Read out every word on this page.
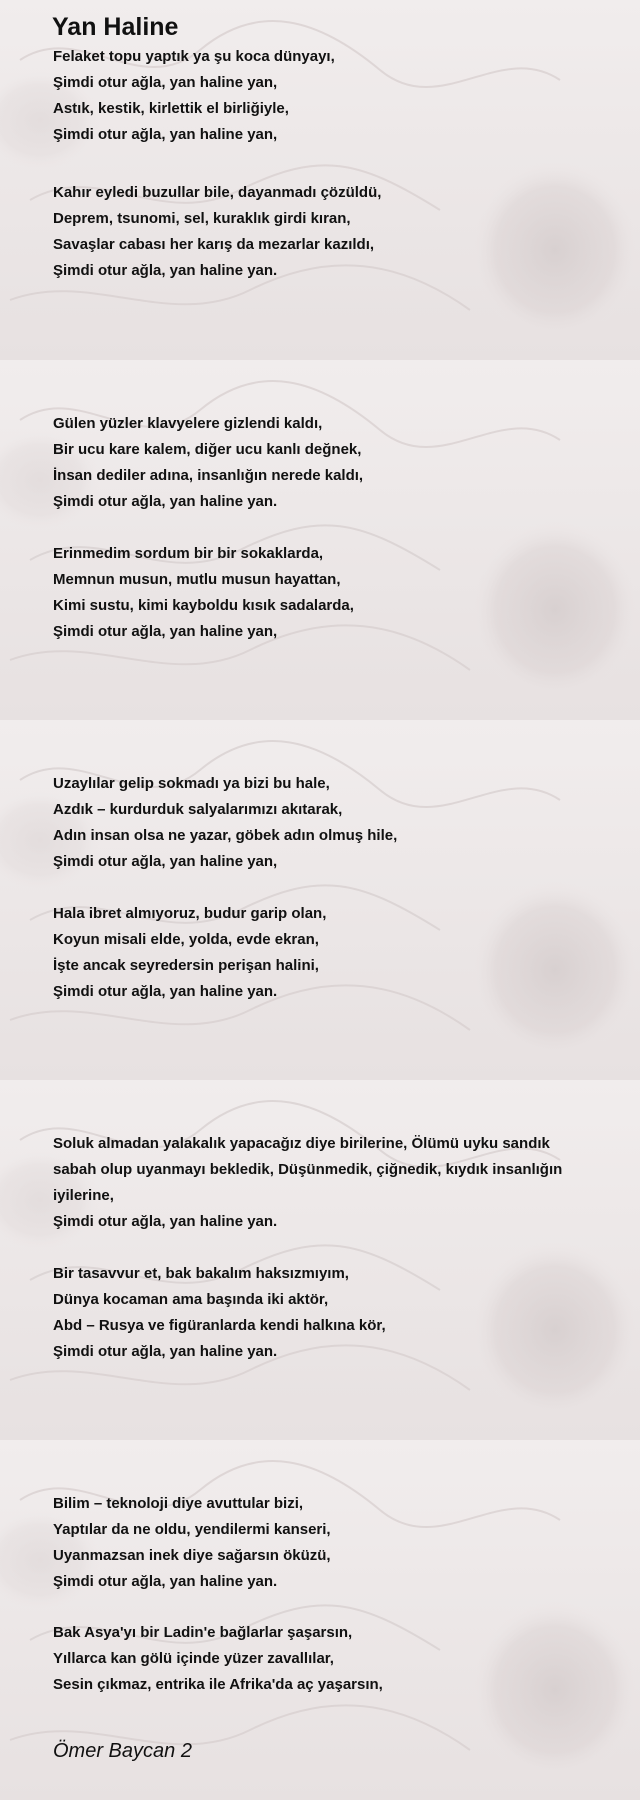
Yan Haline
Felaket topu yaptık ya şu koca dünyayı,
Şimdi otur ağla, yan haline yan,
Astık, kestik, kirlettik el birliğiyle,
Şimdi otur ağla, yan haline yan,
Kahır eyledi buzullar bile, dayanmadı çözüldü,
Deprem, tsunomi, sel, kuraklık girdi kıran,
Savaşlar cabası her karış da mezarlar kazıldı,
Şimdi otur ağla, yan haline yan.
Gülen yüzler klavyelere gizlendi kaldı,
Bir ucu kare kalem, diğer ucu kanlı değnek,
İnsan dediler adına, insanlığın nerede kaldı,
Şimdi otur ağla, yan haline yan.
Erinmedim sordum bir bir sokaklarda,
Memnun musun, mutlu musun hayattan,
Kimi sustu, kimi kayboldu kısık sadalarda,
Şimdi otur ağla, yan haline yan,
Uzaylılar gelip sokmadı ya bizi bu hale,
Azdık – kurdurduk salyalarımızı akıtarak,
Adın insan olsa ne yazar, göbek adın olmuş hile,
Şimdi otur ağla, yan haline yan,
Hala ibret almıyoruz, budur garip olan,
Koyun misali elde, yolda, evde ekran,
İşte ancak seyredersin perişan halini,
Şimdi otur ağla, yan haline yan.
Soluk almadan yalakalık yapacağız diye birilerine, Ölümü uyku sandık sabah olup uyanmayı bekledik, Düşünmedik, çiğnedik, kıydık insanlığın iyilerine,
Şimdi otur ağla, yan haline yan.
Bir tasavvur et, bak bakalım haksızmıyım,
Dünya kocaman ama başında iki aktör,
Abd – Rusya ve figüranlarda kendi halkına kör,
Şimdi otur ağla, yan haline yan.
Bilim – teknoloji diye avuttular bizi,
Yaptılar da ne oldu, yendilermi kanseri,
Uyanmazsan inek diye sağarsın öküzü,
Şimdi otur ağla, yan haline yan.
Bak Asya'yı bir Ladin'e bağlarlar şaşarsın,
Yıllarca kan gölü içinde yüzer zavallılar,
Sesin çıkmaz, entrika ile Afrika'da aç yaşarsın,
Ömer Baycan 2
